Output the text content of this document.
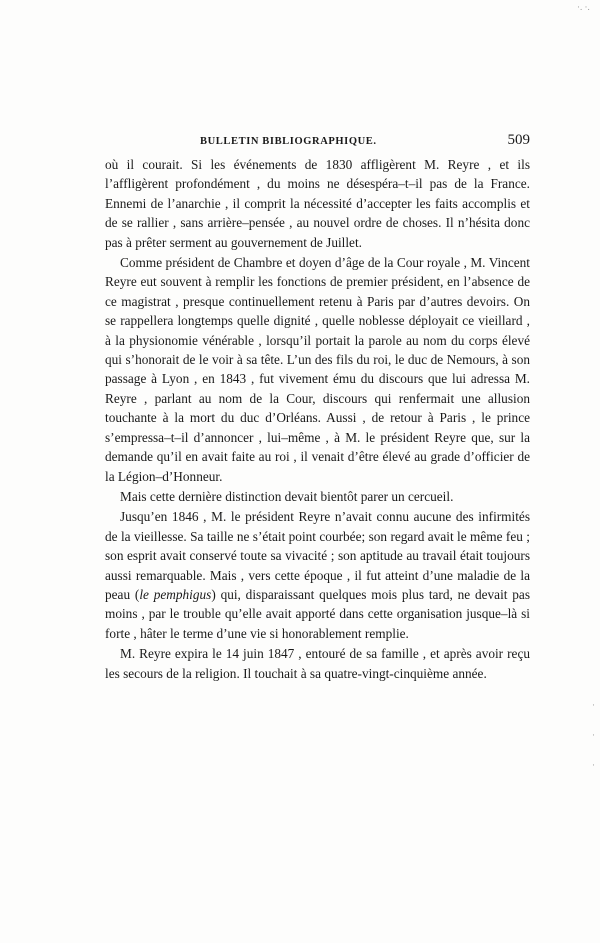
·. ·.
·
·
·
BULLETIN BIBLIOGRAPHIQUE.	509

où il courait. Si les événements de 1830 affligèrent M. Reyre , et ils l’affligèrent profondément , du moins ne désespéra–t–il pas de la France. Ennemi de l’anarchie , il comprit la nécessité d’accepter les faits accomplis et de se rallier , sans arrière–pensée , au nouvel ordre de choses. Il n’hésita donc pas à prêter serment au gouvernement de Juillet.

Comme président de Chambre et doyen d’âge de la Cour royale , M. Vincent Reyre eut souvent à remplir les fonctions de premier président, en l’absence de ce magistrat , presque continuellement retenu à Paris par d’autres devoirs. On se rappellera longtemps quelle dignité , quelle noblesse déployait ce vieillard , à la physionomie vénérable , lorsqu’il portait la parole au nom du corps élevé qui s’honorait de le voir à sa tête. L’un des fils du roi, le duc de Nemours, à son passage à Lyon , en 1843 , fut vivement ému du discours que lui adressa M. Reyre , parlant au nom de la Cour, discours qui renfermait une allusion touchante à la mort du duc d’Orléans. Aussi , de retour à Paris , le prince s’empressa–t–il d’annoncer , lui–même , à M. le président Reyre que, sur la demande qu’il en avait faite au roi , il venait d’être élevé au grade d’officier de la Légion–d’Honneur.

Mais cette dernière distinction devait bientôt parer un cercueil.

Jusqu’en 1846 , M. le président Reyre n’avait connu aucune des infirmités de la vieillesse. Sa taille ne s’était point courbée; son regard avait le même feu ; son esprit avait conservé toute sa vivacité ; son aptitude au travail était toujours aussi remarquable. Mais , vers cette époque , il fut atteint d’une maladie de la peau (le pemphigus) qui, disparaissant quelques mois plus tard, ne devait pas moins , par le trouble qu’elle avait apporté dans cette organisation jusque–là si forte , hâter le terme d’une vie si honorablement remplie.

M. Reyre expira le 14 juin 1847 , entouré de sa famille , et après avoir reçu les secours de la religion. Il touchait à sa quatre-vingt-cinquième année.
